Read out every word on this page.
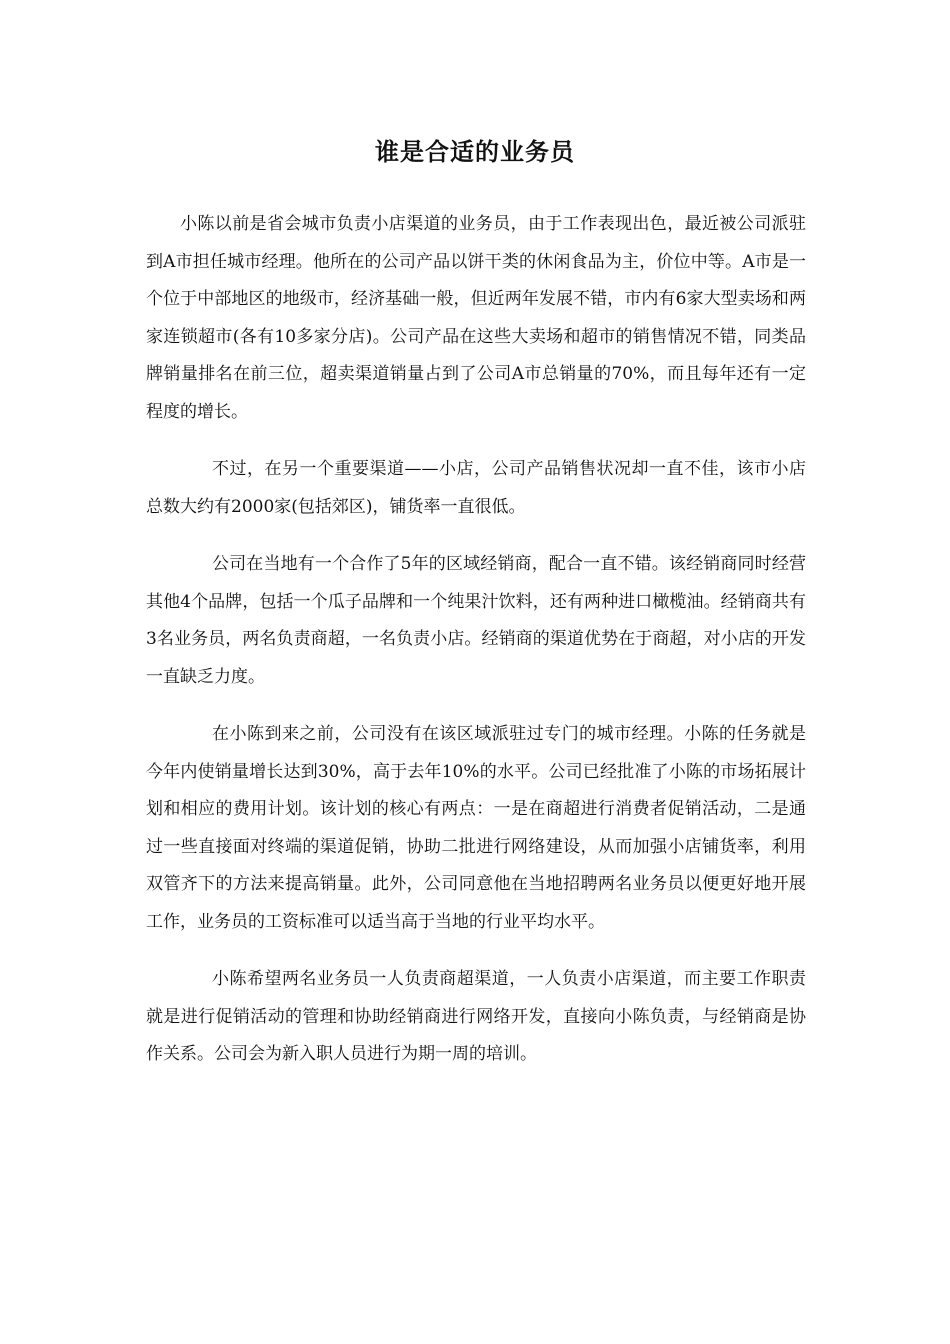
谁是合适的业务员

小陈以前是省会城市负责小店渠道的业务员，由于工作表现出色，最近被公司派驻到A市担任城市经理。他所在的公司产品以饼干类的休闲食品为主，价位中等。A市是一个位于中部地区的地级市，经济基础一般，但近两年发展不错，市内有6家大型卖场和两家连锁超市(各有10多家分店)。公司产品在这些大卖场和超市的销售情况不错，同类品牌销量排名在前三位，超卖渠道销量占到了公司A市总销量的70%，而且每年还有一定程度的增长。

不过，在另一个重要渠道——小店，公司产品销售状况却一直不佳，该市小店总数大约有2000家(包括郊区)，铺货率一直很低。

公司在当地有一个合作了5年的区域经销商，配合一直不错。该经销商同时经营其他4个品牌，包括一个瓜子品牌和一个纯果汁饮料，还有两种进口橄榄油。经销商共有3名业务员，两名负责商超，一名负责小店。经销商的渠道优势在于商超，对小店的开发一直缺乏力度。

在小陈到来之前，公司没有在该区域派驻过专门的城市经理。小陈的任务就是今年内使销量增长达到30%，高于去年10%的水平。公司已经批准了小陈的市场拓展计划和相应的费用计划。该计划的核心有两点：一是在商超进行消费者促销活动，二是通过一些直接面对终端的渠道促销，协助二批进行网络建设，从而加强小店铺货率，利用双管齐下的方法来提高销量。此外，公司同意他在当地招聘两名业务员以便更好地开展工作，业务员的工资标准可以适当高于当地的行业平均水平。

小陈希望两名业务员一人负责商超渠道，一人负责小店渠道，而主要工作职责就是进行促销活动的管理和协助经销商进行网络开发，直接向小陈负责，与经销商是协作关系。公司会为新入职人员进行为期一周的培训。
